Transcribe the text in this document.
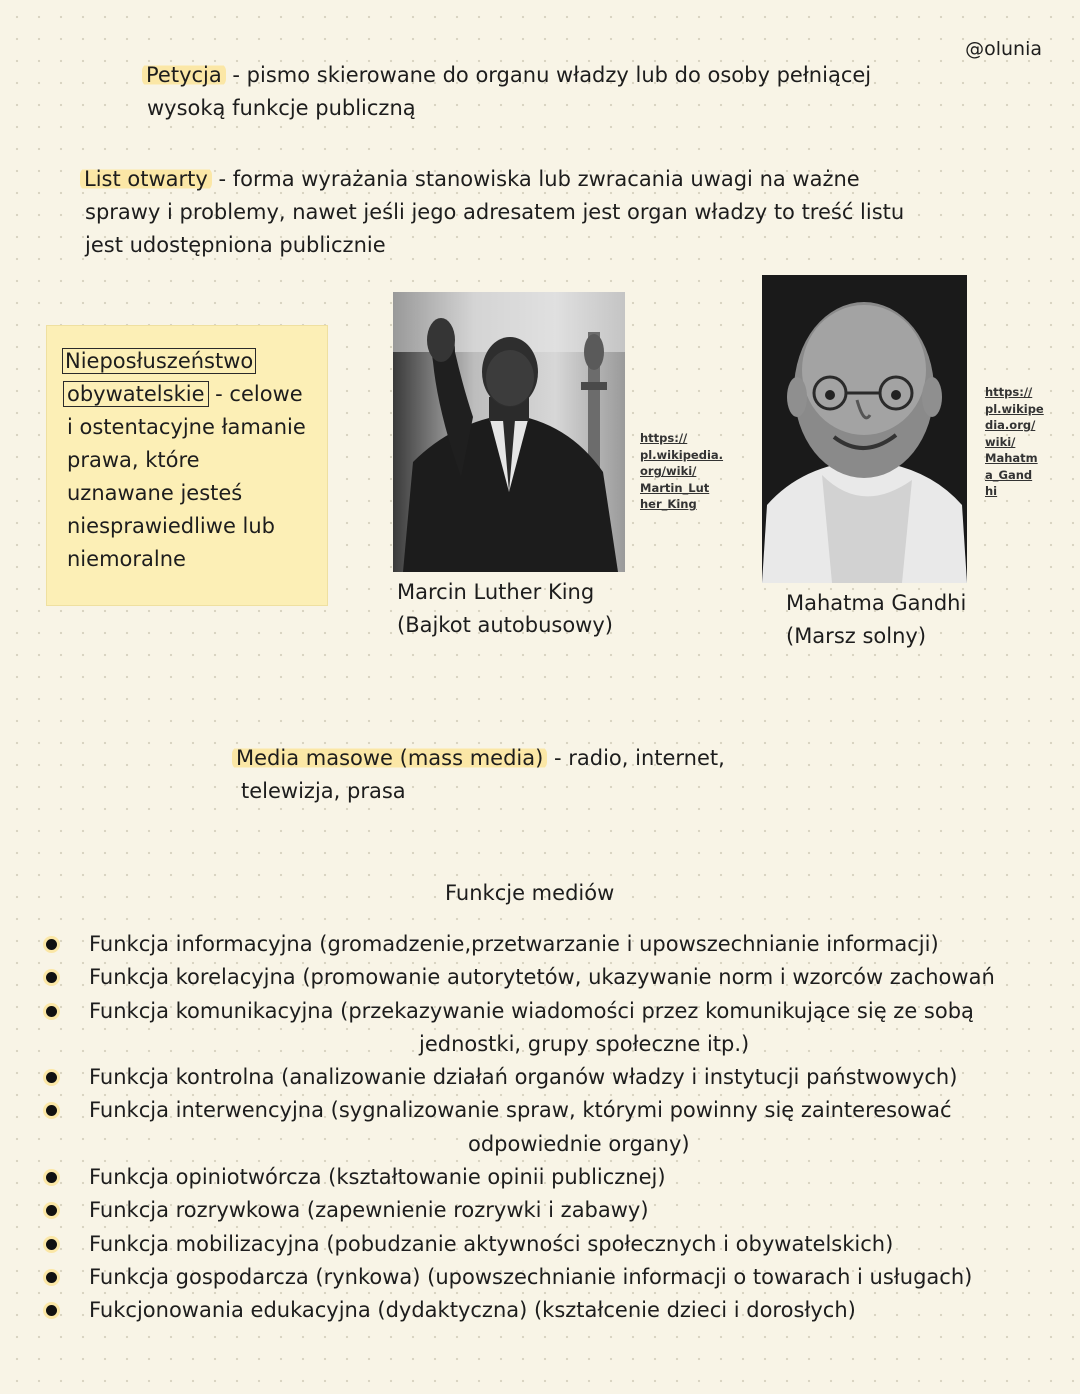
@olunia
Petycja - pismo skierowane do organu władzy lub do osoby pełniącej
wysoką funkcje publiczną
List otwarty - forma wyrażania stanowiska lub zwracania uwagi na ważne
sprawy i problemy, nawet jeśli jego adresatem jest organ władzy to treść listu
jest udostępniona publicznie
Nieposłuszeństwo
obywatelskie - celowe
i ostentacyjne łamanie
prawa, które
uznawane jesteś
niesprawiedliwe lub
niemoralne
https://
pl.wikipedia.
org/wiki/
Martin_Lut
her_King
Marcin Luther King
(Bajkot autobusowy)
https://
pl.wikipe
dia.org/
wiki/
Mahatm
a_Gand
hi
Mahatma Gandhi
(Marsz solny)
Media masowe (mass media) - radio, internet,
telewizja, prasa
Funkcje mediów
Funkcja informacyjna (gromadzenie,przetwarzanie i upowszechnianie informacji)
Funkcja korelacyjna (promowanie autorytetów, ukazywanie norm i wzorców zachowań
Funkcja komunikacyjna (przekazywanie wiadomości przez komunikujące się ze sobą
jednostki, grupy społeczne itp.)
Funkcja kontrolna (analizowanie działań organów władzy i instytucji państwowych)
Funkcja interwencyjna (sygnalizowanie spraw, którymi powinny się zainteresować
odpowiednie organy)
Funkcja opiniotwórcza (kształtowanie opinii publicznej)
Funkcja rozrywkowa (zapewnienie rozrywki i zabawy)
Funkcja mobilizacyjna (pobudzanie aktywności społecznych i obywatelskich)
Funkcja gospodarcza (rynkowa) (upowszechnianie informacji o towarach i usługach)
Fukcjonowania edukacyjna (dydaktyczna) (kształcenie dzieci i dorosłych)
